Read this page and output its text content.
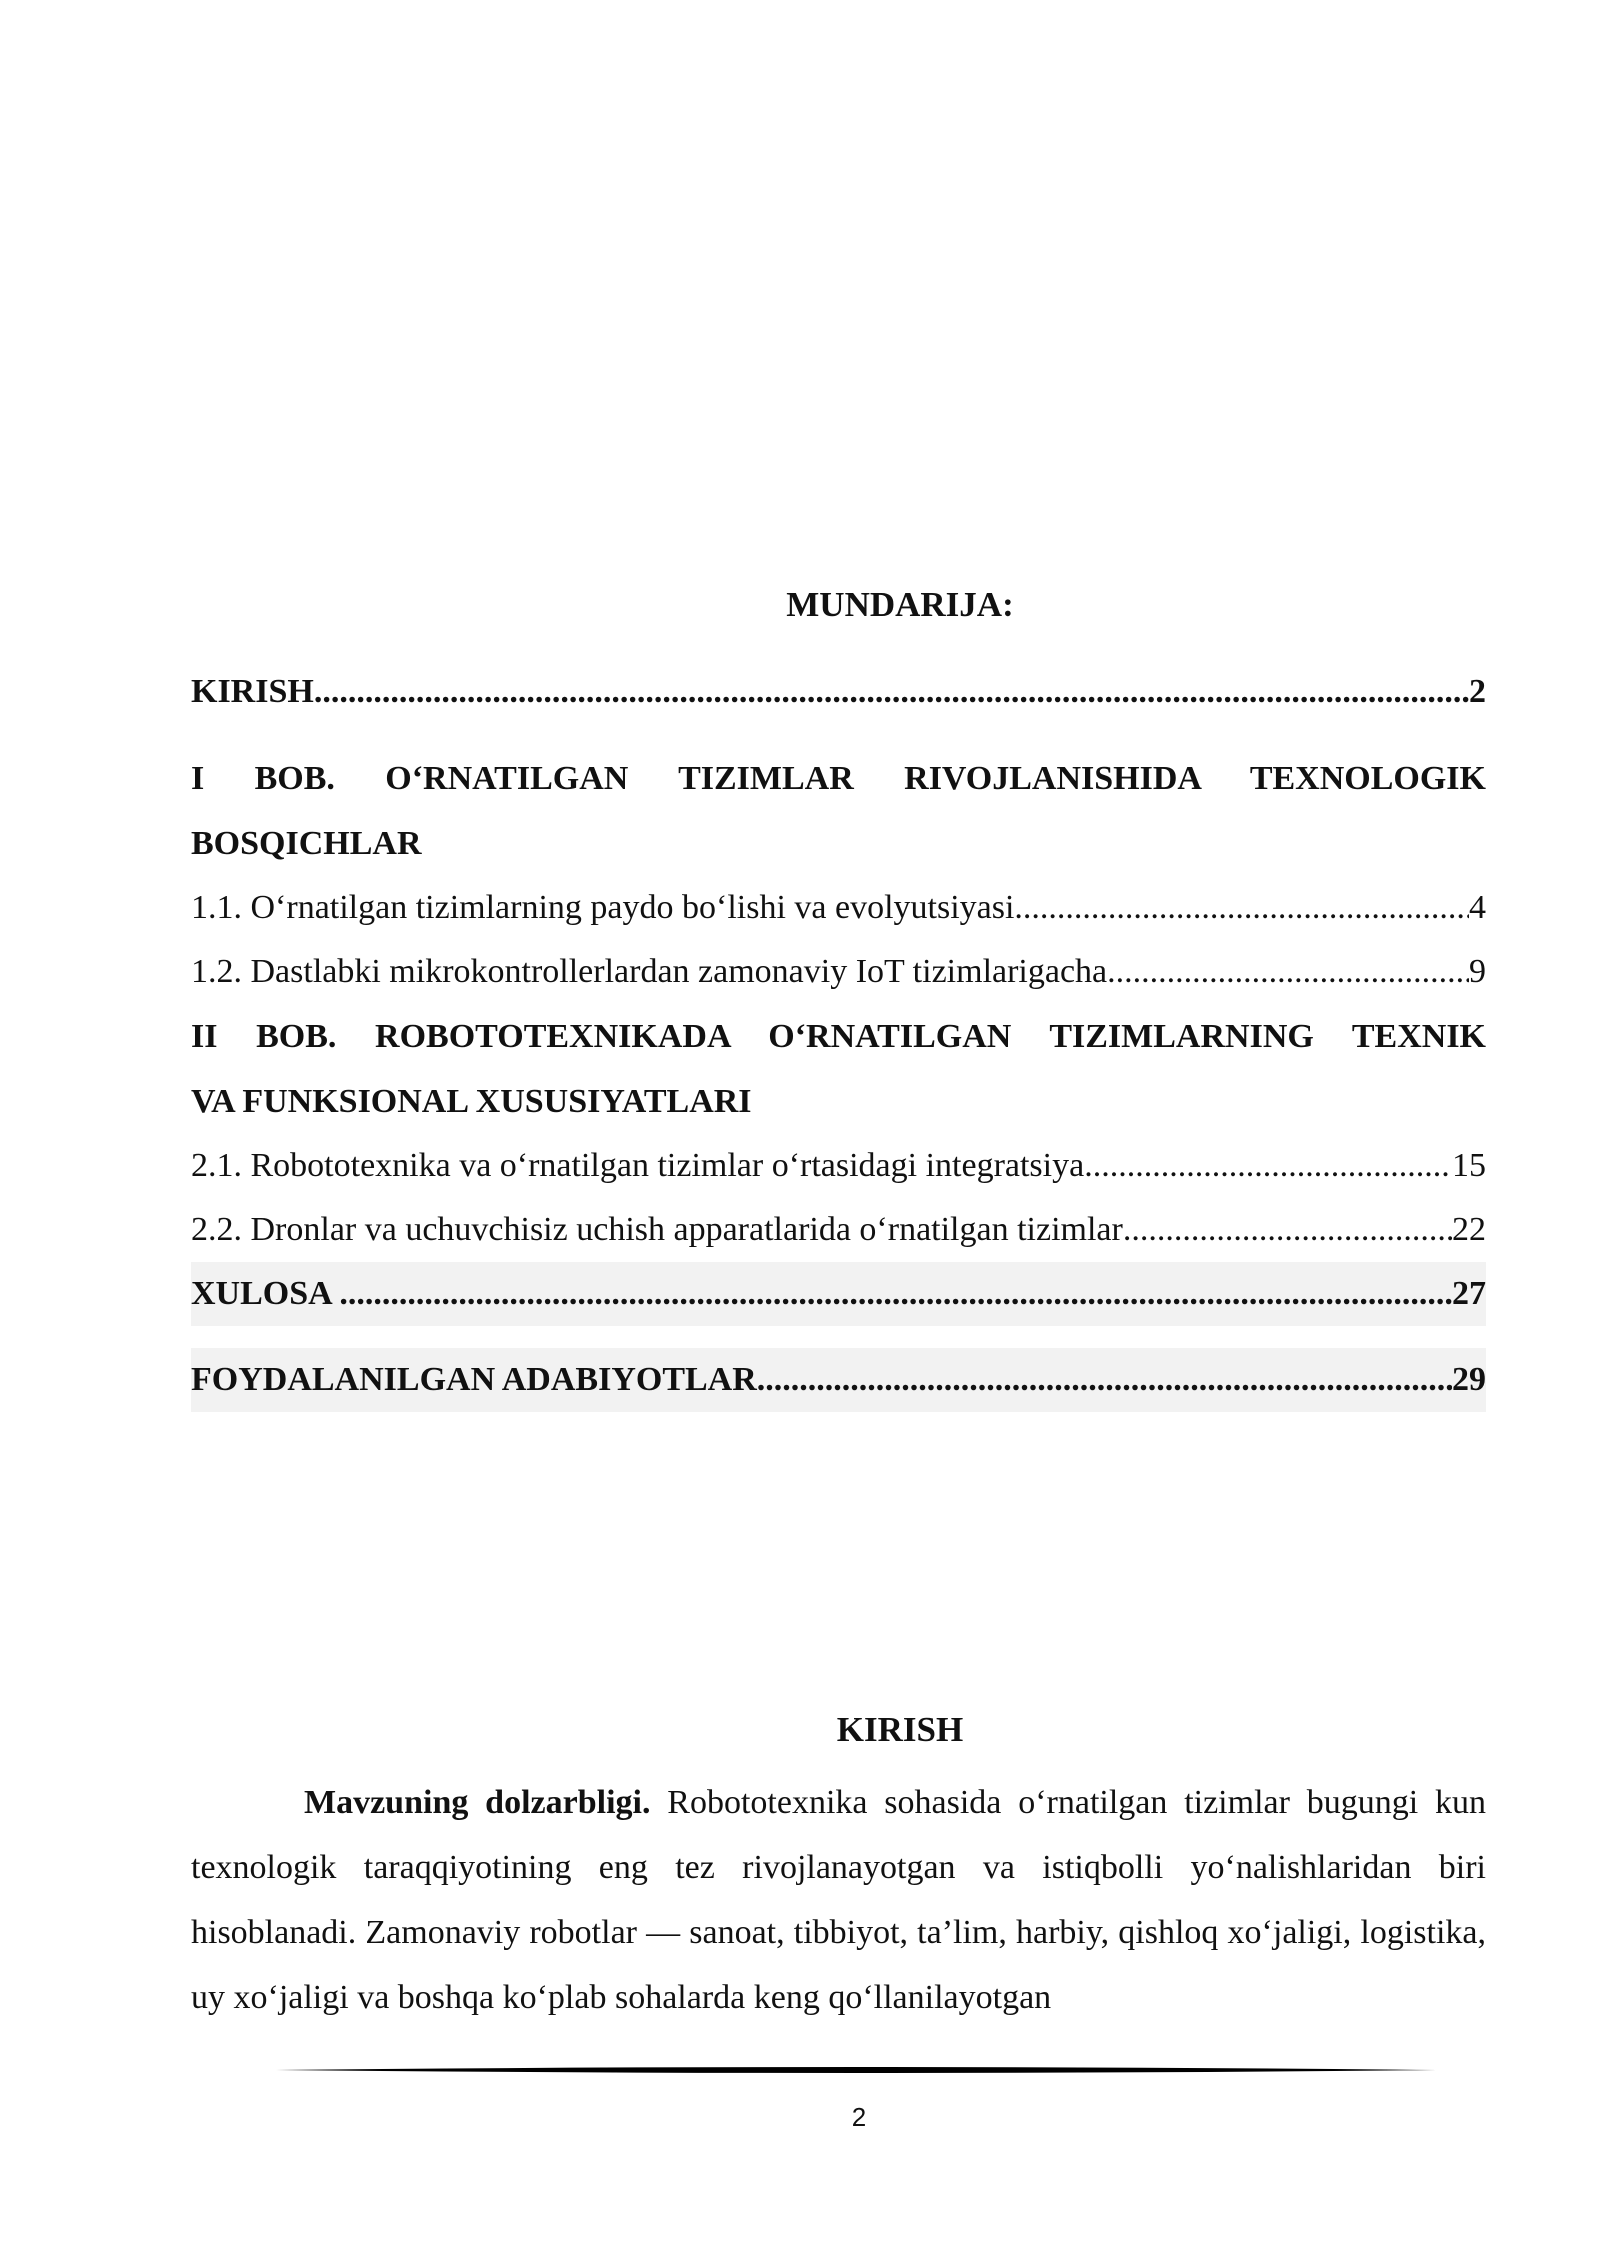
MUNDARIJA:
KIRISH .....	2
I BOB. O‘RNATILGAN TIZIMLAR RIVOJLANISHIDA TEXNOLOGIK
BOSQICHLAR
1.1. O‘rnatilgan tizimlarning paydo bo‘lishi va evolyutsiyasi .....	4
1.2. Dastlabki mikrokontrollerlardan zamonaviy IoT tizimlarigacha .....	9
II BOB. ROBOTOTEXNIKADA O‘RNATILGAN TIZIMLARNING TEXNIK
VA FUNKSIONAL XUSUSIYATLARI
2.1. Robototexnika va o‘rnatilgan tizimlar o‘rtasidagi integratsiya .....	15
2.2. Dronlar va uchuvchisiz uchish apparatlarida o‘rnatilgan tizimlar .....	22
XULOSA .....	27
FOYDALANILGAN ADABIYOTLAR .....	29
KIRISH
Mavzuning dolzarbligi. Robototexnika sohasida o‘rnatilgan tizimlar bugungi kun texnologik taraqqiyotining eng tez rivojlanayotgan va istiqbolli yo‘nalishlaridan biri hisoblanadi. Zamonaviy robotlar — sanoat, tibbiyot, ta’lim, harbiy, qishloq xo‘jaligi, logistika, uy xo‘jaligi va boshqa ko‘plab sohalarda keng qo‘llanilayotgan
2
